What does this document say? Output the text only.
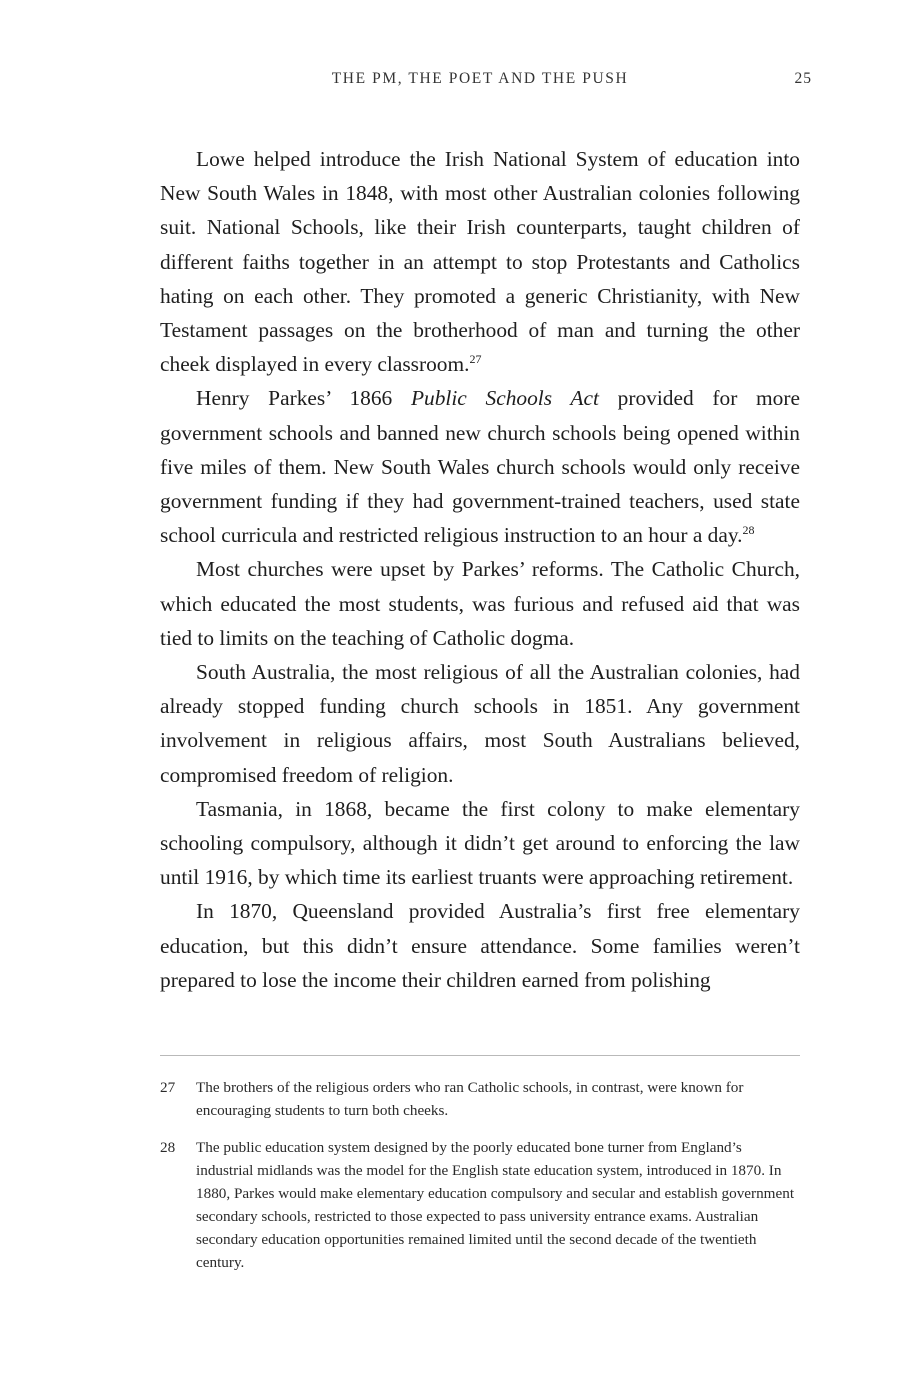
THE PM, THE POET AND THE PUSH	25

Lowe helped introduce the Irish National System of education into New South Wales in 1848, with most other Australian colonies following suit. National Schools, like their Irish counterparts, taught children of different faiths together in an attempt to stop Protestants and Catholics hating on each other. They promoted a generic Christianity, with New Testament passages on the brotherhood of man and turning the other cheek displayed in every classroom.$^{27}$

Henry Parkes’ 1866 Public Schools Act provided for more government schools and banned new church schools being opened within five miles of them. New South Wales church schools would only receive government funding if they had government-trained teachers, used state school curricula and restricted religious instruction to an hour a day.$^{28}$

Most churches were upset by Parkes’ reforms. The Catholic Church, which educated the most students, was furious and refused aid that was tied to limits on the teaching of Catholic dogma.

South Australia, the most religious of all the Australian colonies, had already stopped funding church schools in 1851. Any government involvement in religious affairs, most South Australians believed, compromised freedom of religion.

Tasmania, in 1868, became the first colony to make elementary schooling compulsory, although it didn’t get around to enforcing the law until 1916, by which time its earliest truants were approaching retirement.

In 1870, Queensland provided Australia’s first free elementary education, but this didn’t ensure attendance. Some families weren’t prepared to lose the income their children earned from polishing

27 The brothers of the religious orders who ran Catholic schools, in contrast, were known for encouraging students to turn both cheeks.
28 The public education system designed by the poorly educated bone turner from England’s industrial midlands was the model for the English state education system, introduced in 1870. In 1880, Parkes would make elementary education compulsory and secular and establish government secondary schools, restricted to those expected to pass university entrance exams. Australian secondary education opportunities remained limited until the second decade of the twentieth century.
